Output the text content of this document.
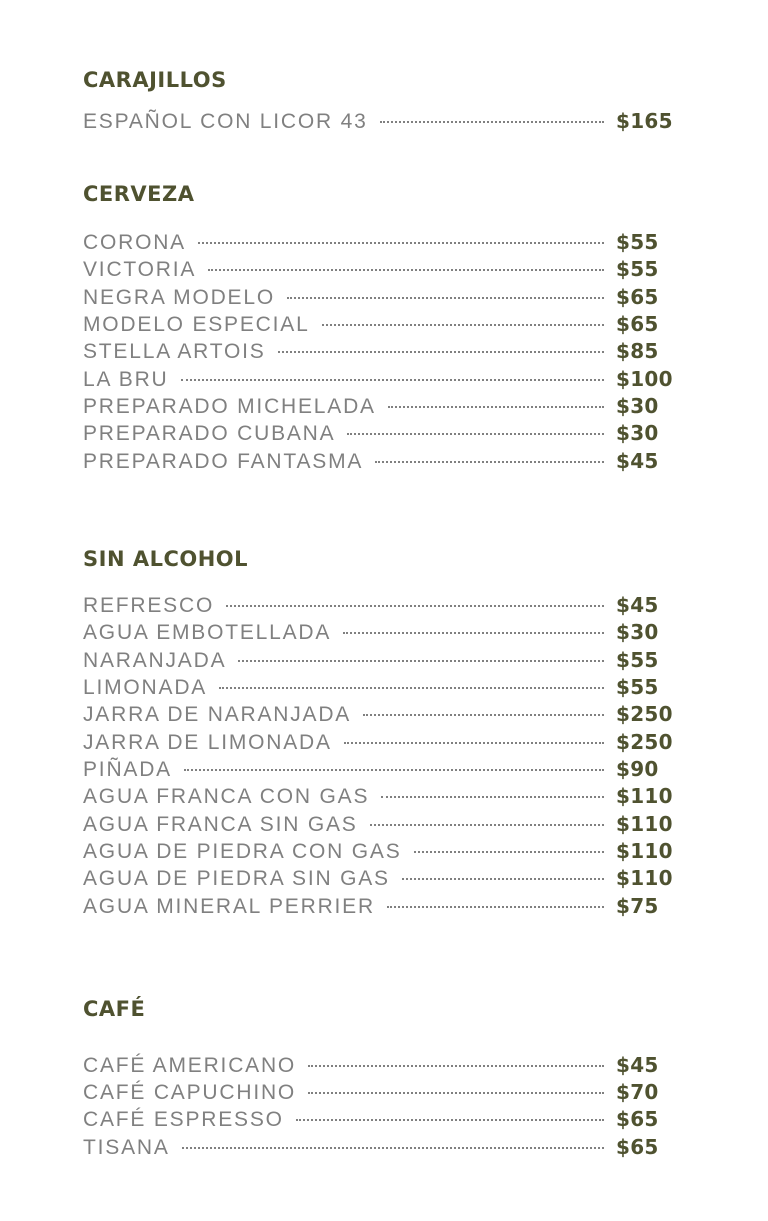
CARAJILLOS
ESPAÑOL CON LICOR 43	$165
CERVEZA
CORONA	$55
VICTORIA	$55
NEGRA MODELO	$65
MODELO ESPECIAL	$65
STELLA ARTOIS	$85
LA BRU	$100
PREPARADO MICHELADA	$30
PREPARADO CUBANA	$30
PREPARADO FANTASMA	$45
SIN ALCOHOL
REFRESCO	$45
AGUA EMBOTELLADA	$30
NARANJADA	$55
LIMONADA	$55
JARRA DE NARANJADA	$250
JARRA DE LIMONADA	$250
PIÑADA	$90
AGUA FRANCA CON GAS	$110
AGUA FRANCA SIN GAS	$110
AGUA DE PIEDRA CON GAS	$110
AGUA DE PIEDRA SIN GAS	$110
AGUA MINERAL PERRIER	$75
CAFÉ
CAFÉ AMERICANO	$45
CAFÉ CAPUCHINO	$70
CAFÉ ESPRESSO	$65
TISANA	$65
